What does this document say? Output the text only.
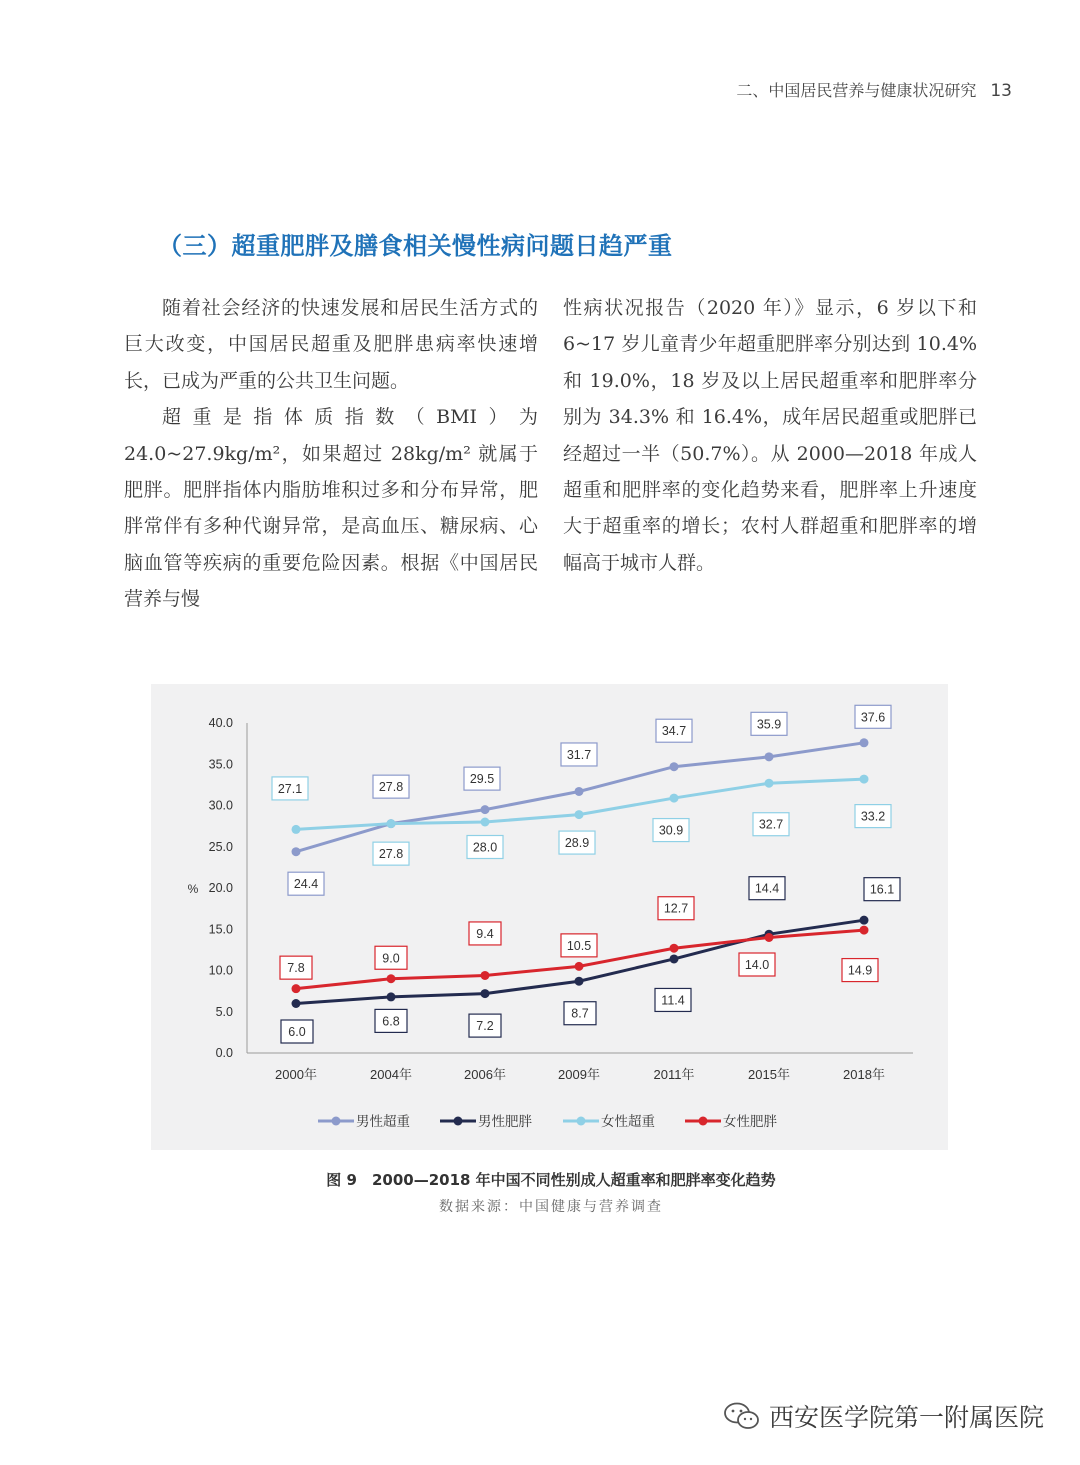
二、中国居民营养与健康状况研究 13
（三）超重肥胖及膳食相关慢性病问题日趋严重

随着社会经济的快速发展和居民生活方式的巨大改变，中国居民超重及肥胖患病率快速增长，已成为严重的公共卫生问题。

超重是指体质指数（BMI）为 24.0~27.9kg/m²，如果超过 28kg/m² 就属于肥胖。肥胖指体内脂肪堆积过多和分布异常，肥胖常伴有多种代谢异常，是高血压、糖尿病、心脑血管等疾病的重要危险因素。根据《中国居民营养与慢

性病状况报告（2020 年）》显示，6 岁以下和 6~17 岁儿童青少年超重肥胖率分别达到 10.4% 和 19.0%，18 岁及以上居民超重率和肥胖率分别为 34.3% 和 16.4%，成年居民超重或肥胖已经超过一半（50.7%）。从 2000—2018 年成人超重和肥胖率的变化趋势来看，肥胖率上升速度大于超重率的增长；农村人群超重和肥胖率的增幅高于城市人群。

0.0
5.0
10.0
15.0
20.0
25.0
30.0
35.0
40.0
%
2000年	2004年	2006年	2009年	2011年	2015年	2018年
24.4
27.8
29.5
31.7
34.7	35.9
37.6
6.0
6.8	7.2
8.7
11.4
14.4	16.1
27.1
27.8	28.0	28.9
30.9	32.7
33.2
7.8
9.0
9.4
10.5
12.7
14.0	14.9
男性超重	男性肥胖	女性超重	女性肥胖
图 9　2000—2018 年中国不同性别成人超重率和肥胖率变化趋势
数据来源：中国健康与营养调查
西安医学院第一附属医院
